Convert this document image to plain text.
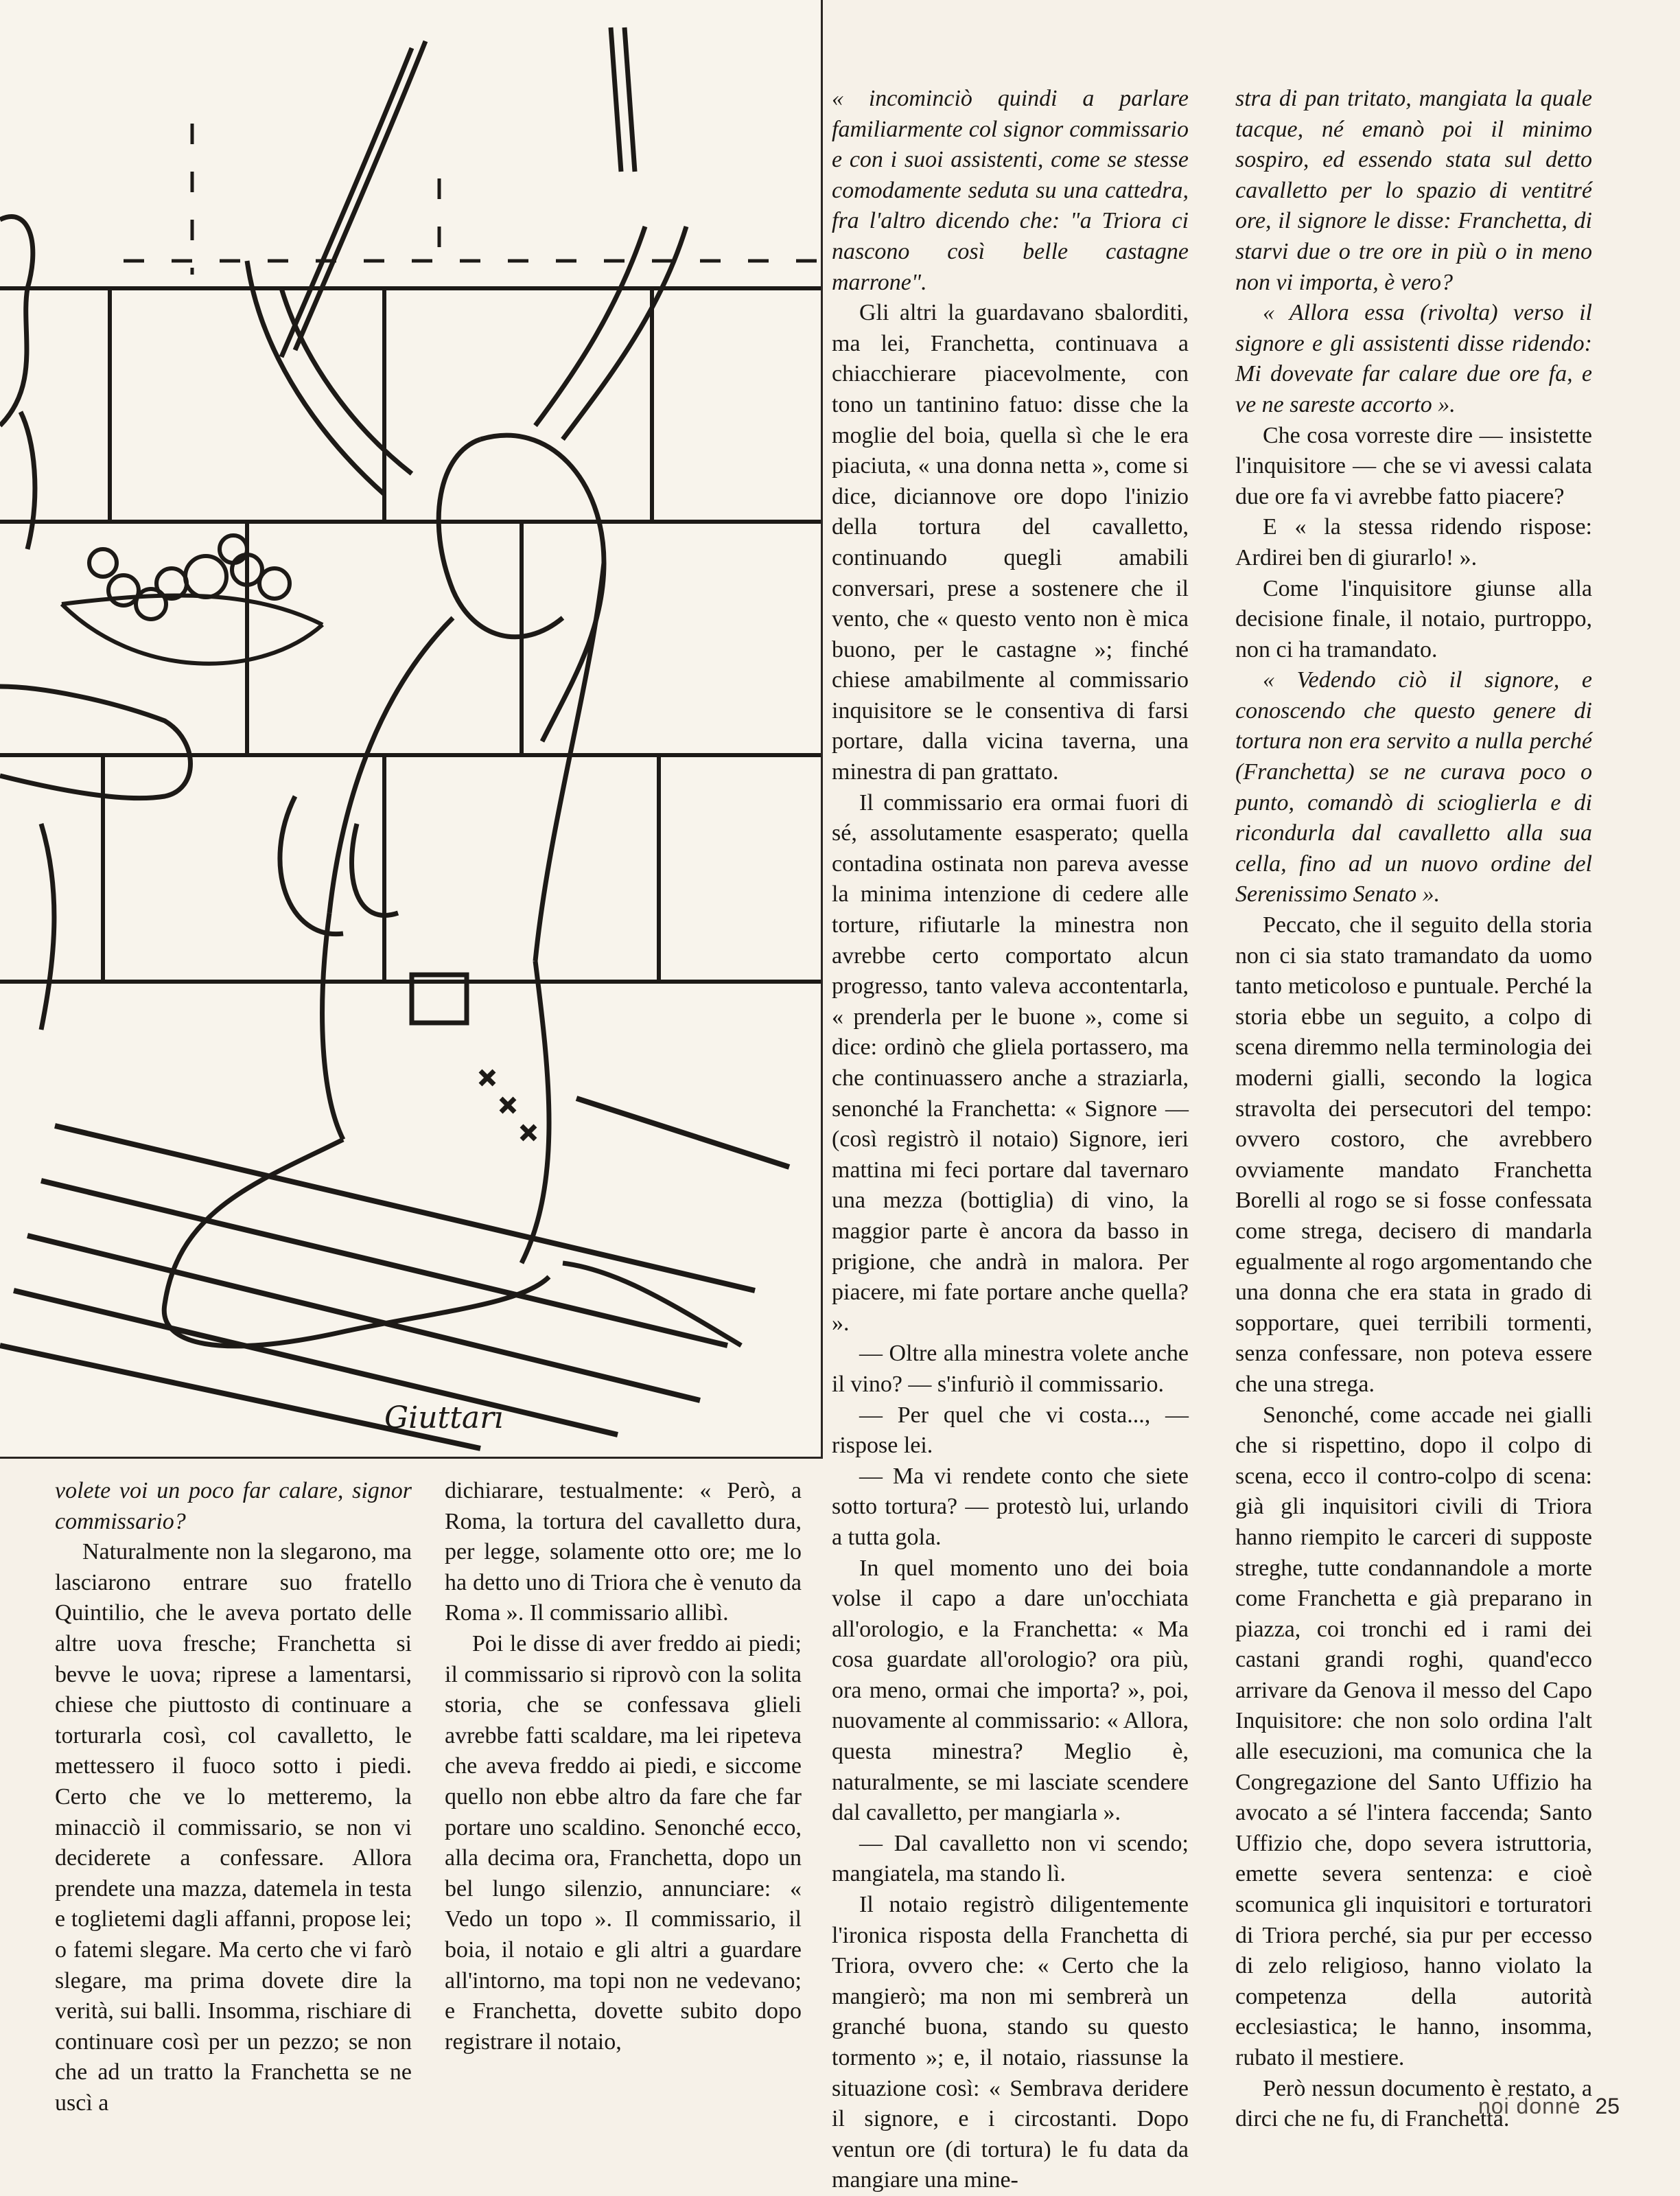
Giuttari

volete voi un poco far calare, signor commissario?

Naturalmente non la slegarono, ma lasciarono entrare suo fratello Quintilio, che le aveva portato delle altre uova fresche; Franchetta si bevve le uova; riprese a lamentarsi, chiese che piuttosto di continuare a torturarla così, col cavalletto, le mettessero il fuoco sotto i piedi. Certo che ve lo metteremo, la minacciò il commissario, se non vi deciderete a confessare. Allora prendete una mazza, datemela in testa e toglietemi dagli affanni, propose lei; o fatemi slegare. Ma certo che vi farò slegare, ma prima dovete dire la verità, sui balli. Insomma, rischiare di continuare così per un pezzo; se non che ad un tratto la Franchetta se ne uscì a

dichiarare, testualmente: « Però, a Roma, la tortura del cavalletto dura, per legge, solamente otto ore; me lo ha detto uno di Triora che è venuto da Roma ». Il commissario allibì.

Poi le disse di aver freddo ai piedi; il commissario si riprovò con la solita storia, che se confessava glieli avrebbe fatti scaldare, ma lei ripeteva che aveva freddo ai piedi, e siccome quello non ebbe altro da fare che far portare uno scaldino. Senonché ecco, alla decima ora, Franchetta, dopo un bel lungo silenzio, annunciare: « Vedo un topo ». Il commissario, il boia, il notaio e gli altri a guardare all'intorno, ma topi non ne vedevano; e Franchetta, dovette subito dopo registrare il notaio,

« incominciò quindi a parlare familiarmente col signor commissario e con i suoi assistenti, come se stesse comodamente seduta su una cattedra, fra l'altro dicendo che: "a Triora ci nascono così belle castagne marrone".

Gli altri la guardavano sbalorditi, ma lei, Franchetta, continuava a chiacchierare piacevolmente, con tono un tantinino fatuo: disse che la moglie del boia, quella sì che le era piaciuta, « una donna netta », come si dice, diciannove ore dopo l'inizio della tortura del cavalletto, continuando quegli amabili conversari, prese a sostenere che il vento, che « questo vento non è mica buono, per le castagne »; finché chiese amabilmente al commissario inquisitore se le consentiva di farsi portare, dalla vicina taverna, una minestra di pan grattato.

Il commissario era ormai fuori di sé, assolutamente esasperato; quella contadina ostinata non pareva avesse la minima intenzione di cedere alle torture, rifiutarle la minestra non avrebbe certo comportato alcun progresso, tanto valeva accontentarla, « prenderla per le buone », come si dice: ordinò che gliela portassero, ma che continuassero anche a straziarla, senonché la Franchetta: « Signore — (così registrò il notaio) Signore, ieri mattina mi feci portare dal tavernaro una mezza (bottiglia) di vino, la maggior parte è ancora da basso in prigione, che andrà in malora. Per piacere, mi fate portare anche quella? ».

— Oltre alla minestra volete anche il vino? — s'infuriò il commissario.

— Per quel che vi costa..., — rispose lei.

— Ma vi rendete conto che siete sotto tortura? — protestò lui, urlando a tutta gola.

In quel momento uno dei boia volse il capo a dare un'occhiata all'orologio, e la Franchetta: « Ma cosa guardate all'orologio? ora più, ora meno, ormai che importa? », poi, nuovamente al commissario: « Allora, questa minestra? Meglio è, naturalmente, se mi lasciate scendere dal cavalletto, per mangiarla ».

— Dal cavalletto non vi scendo; mangiatela, ma stando lì.

Il notaio registrò diligentemente l'ironica risposta della Franchetta di Triora, ovvero che: « Certo che la mangierò; ma non mi sembrerà un granché buona, stando su questo tormento »; e, il notaio, riassunse la situazione così: « Sembrava deridere il signore, e i circostanti. Dopo ventun ore (di tortura) le fu data da mangiare una mine-

stra di pan tritato, mangiata la quale tacque, né emanò poi il minimo sospiro, ed essendo stata sul detto cavalletto per lo spazio di ventitré ore, il signore le disse: Franchetta, di starvi due o tre ore in più o in meno non vi importa, è vero?

« Allora essa (rivolta) verso il signore e gli assistenti disse ridendo: Mi dovevate far calare due ore fa, e ve ne sareste accorto ».

Che cosa vorreste dire — insistette l'inquisitore — che se vi avessi calata due ore fa vi avrebbe fatto piacere?

E « la stessa ridendo rispose: Ardirei ben di giurarlo! ».

Come l'inquisitore giunse alla decisione finale, il notaio, purtroppo, non ci ha tramandato.

« Vedendo ciò il signore, e conoscendo che questo genere di tortura non era servito a nulla perché (Franchetta) se ne curava poco o punto, comandò di scioglierla e di ricondurla dal cavalletto alla sua cella, fino ad un nuovo ordine del Serenissimo Senato ».

Peccato, che il seguito della storia non ci sia stato tramandato da uomo tanto meticoloso e puntuale. Perché la storia ebbe un seguito, a colpo di scena diremmo nella terminologia dei moderni gialli, secondo la logica stravolta dei persecutori del tempo: ovvero costoro, che avrebbero ovviamente mandato Franchetta Borelli al rogo se si fosse confessata come strega, decisero di mandarla egualmente al rogo argomentando che una donna che era stata in grado di sopportare, quei terribili tormenti, senza confessare, non poteva essere che una strega.

Senonché, come accade nei gialli che si rispettino, dopo il colpo di scena, ecco il contro-colpo di scena: già gli inquisitori civili di Triora hanno riempito le carceri di supposte streghe, tutte condannandole a morte come Franchetta e già preparano in piazza, coi tronchi ed i rami dei castani grandi roghi, quand'ecco arrivare da Genova il messo del Capo Inquisitore: che non solo ordina l'alt alle esecuzioni, ma comunica che la Congregazione del Santo Uffizio ha avocato a sé l'intera faccenda; Santo Uffizio che, dopo severa istruttoria, emette severa sentenza: e cioè scomunica gli inquisitori e torturatori di Triora perché, sia pur per eccesso di zelo religioso, hanno violato la competenza della autorità ecclesiastica; le hanno, insomma, rubato il mestiere.

Però nessun documento è restato, a dirci che ne fu, di Franchetta.

noi donne 25
